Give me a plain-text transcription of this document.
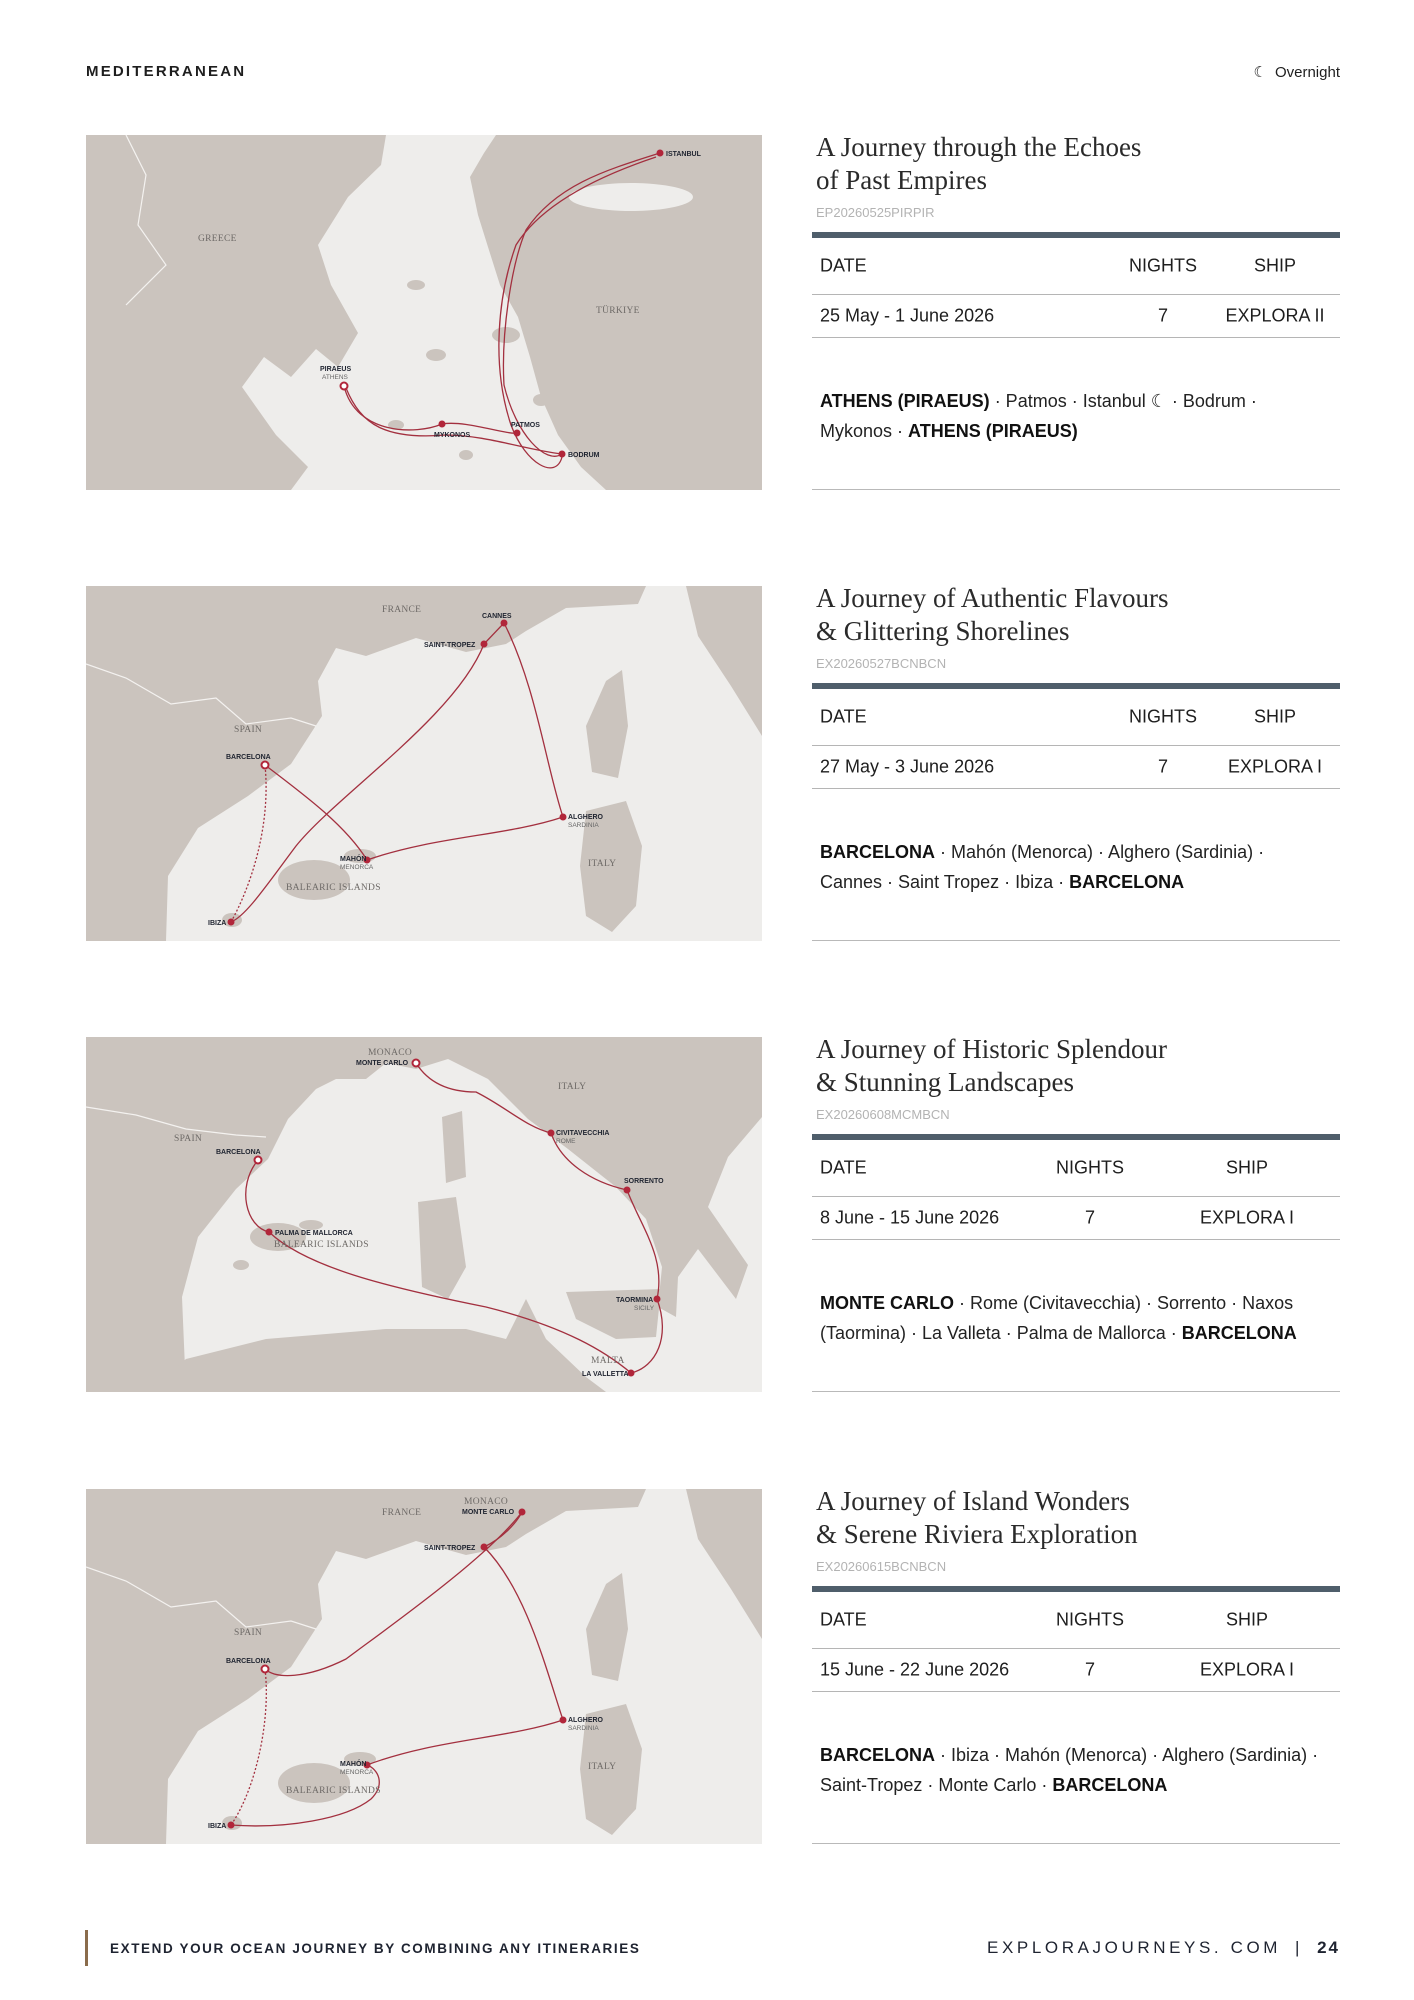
MEDITERRANEAN	☾ Overnight
GREECE
TÜRKIYE
ISTANBUL
PIRAEUS
ATHENS
MYKONOS
PATMOS
BODRUM
A Journey through the Echoes
of Past Empires
EP20260525PIRPIR
DATE	NIGHTS	SHIP
25 May - 1 June 2026	7	EXPLORA II
ATHENS (PIRAEUS) · Patmos · Istanbul ☾ · Bodrum · Mykonos · ATHENS (PIRAEUS)
FRANCE
SPAIN
BALEARIC ISLANDS
ITALY
CANNES
SAINT-TROPEZ
BARCELONA
MAHÓN
MENORCA
ALGHERO
SARDINIA
IBIZA
A Journey of Authentic Flavours
& Glittering Shorelines
EX20260527BCNBCN
DATE	NIGHTS	SHIP
27 May - 3 June 2026	7	EXPLORA I
BARCELONA · Mahón (Menorca) · Alghero (Sardinia) · Cannes · Saint Tropez · Ibiza · BARCELONA
MONACO
ITALY
SPAIN
BALEARIC ISLANDS
MALTA
MONTE CARLO
CIVITAVECCHIA
ROME
SORRENTO
TAORMINA
SICILY
LA VALLETTA
PALMA DE MALLORCA
BARCELONA
A Journey of Historic Splendour
& Stunning Landscapes
EX20260608MCMBCN
DATE	NIGHTS	SHIP
8 June - 15 June 2026	7	EXPLORA I
MONTE CARLO · Rome (Civitavecchia) · Sorrento · Naxos (Taormina) · La Valleta · Palma de Mallorca · BARCELONA
MONACO
FRANCE
SPAIN
BALEARIC ISLANDS
ITALY
MONTE CARLO
SAINT-TROPEZ
BARCELONA
IBIZA
MAHÓN
MENORCA
ALGHERO
SARDINIA
A Journey of Island Wonders
& Serene Riviera Exploration
EX20260615BCNBCN
DATE	NIGHTS	SHIP
15 June - 22 June 2026	7	EXPLORA I
BARCELONA · Ibiza · Mahón (Menorca) · Alghero (Sardinia) · Saint-Tropez · Monte Carlo · BARCELONA
EXTEND YOUR OCEAN JOURNEY BY COMBINING ANY ITINERARIES	EXPLORAJOURNEYS. COM | 24
